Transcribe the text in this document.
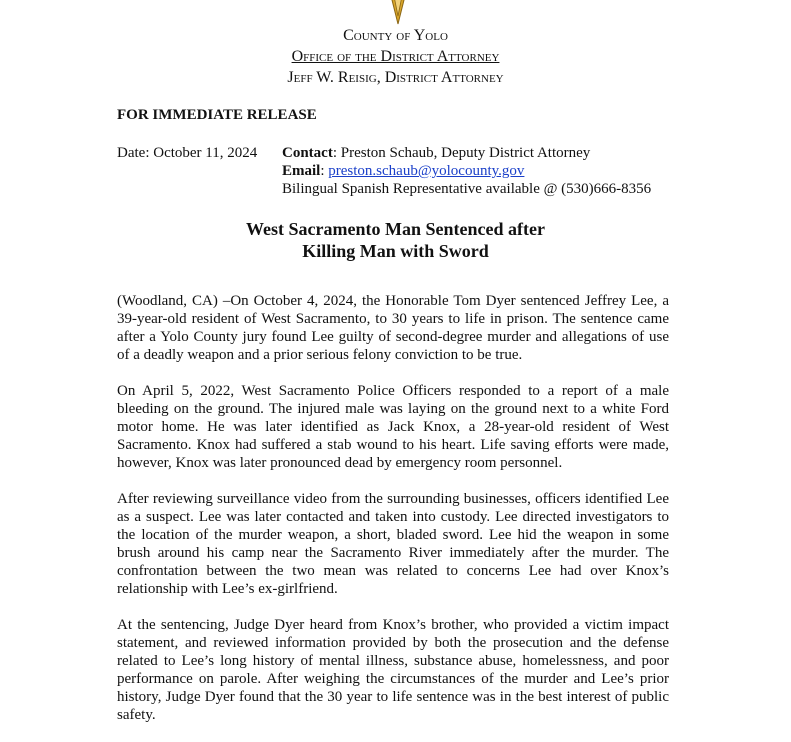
County of Yolo
Office of the District Attorney
Jeff W. Reisig, District Attorney
FOR IMMEDIATE RELEASE
Date: October 11, 2024 Contact: Preston Schaub, Deputy District Attorney
Email: preston.schaub@yolocounty.gov
Bilingual Spanish Representative available @ (530)666-8356
West Sacramento Man Sentenced after
Killing Man with Sword

(Woodland, CA) –On October 4, 2024, the Honorable Tom Dyer sentenced Jeffrey Lee, a 39-year-old resident of West Sacramento, to 30 years to life in prison. The sentence came after a Yolo County jury found Lee guilty of second-degree murder and allegations of use of a deadly weapon and a prior serious felony conviction to be true.

On April 5, 2022, West Sacramento Police Officers responded to a report of a male bleeding on the ground. The injured male was laying on the ground next to a white Ford motor home. He was later identified as Jack Knox, a 28-year-old resident of West Sacramento. Knox had suffered a stab wound to his heart. Life saving efforts were made, however, Knox was later pronounced dead by emergency room personnel.

After reviewing surveillance video from the surrounding businesses, officers identified Lee as a suspect. Lee was later contacted and taken into custody. Lee directed investigators to the location of the murder weapon, a short, bladed sword. Lee hid the weapon in some brush around his camp near the Sacramento River immediately after the murder. The confrontation between the two mean was related to concerns Lee had over Knox’s relationship with Lee’s ex-girlfriend.

At the sentencing, Judge Dyer heard from Knox’s brother, who provided a victim impact statement, and reviewed information provided by both the prosecution and the defense related to Lee’s long history of mental illness, substance abuse, homelessness, and poor performance on parole. After weighing the circumstances of the murder and Lee’s prior history, Judge Dyer found that the 30 year to life sentence was in the best interest of public safety.
